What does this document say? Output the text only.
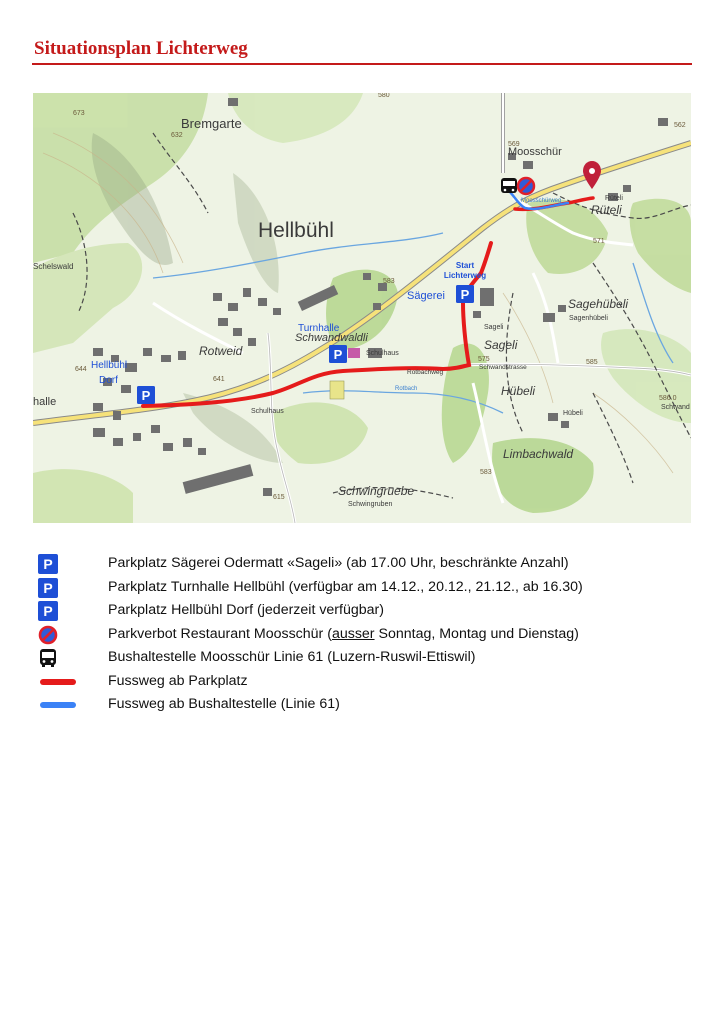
Situationsplan Lichterweg
P
P
P
Bremgarte
Hellbühl
Moosschür
Rüteli
Rüteli
Sagehübeli
Sagenhübeli
Sageli
Sageli
Rotweid
Hübeli
Hübeli
Limbachwald
Schwingruebe
Schwingruben
Schwandwaldli
Schulhaus
Schulhaus
halle
Schwandstrasse
Rotbachweg
Rotbach
Moosschürweg
Schwand
Schelswald
632
569
562
583
571
575	585
586.0
583
615
644
641
673
580
Start
Lichterweg
Sägerei
Turnhalle
Hellbühl
Dorf
P	Parkplatz Sägerei Odermatt «Sageli» (ab 17.00 Uhr, beschränkte Anzahl)
P	Parkplatz Turnhalle Hellbühl (verfügbar am 14.12., 20.12., 21.12., ab 16.30)
P	Parkplatz Hellbühl Dorf (jederzeit verfügbar)
Parkverbot Restaurant Moosschür (ausser Sonntag, Montag und Dienstag)
Bushaltestelle Moosschür Linie 61 (Luzern-Ruswil-Ettiswil)
Fussweg ab Parkplatz
Fussweg ab Bushaltestelle (Linie 61)
